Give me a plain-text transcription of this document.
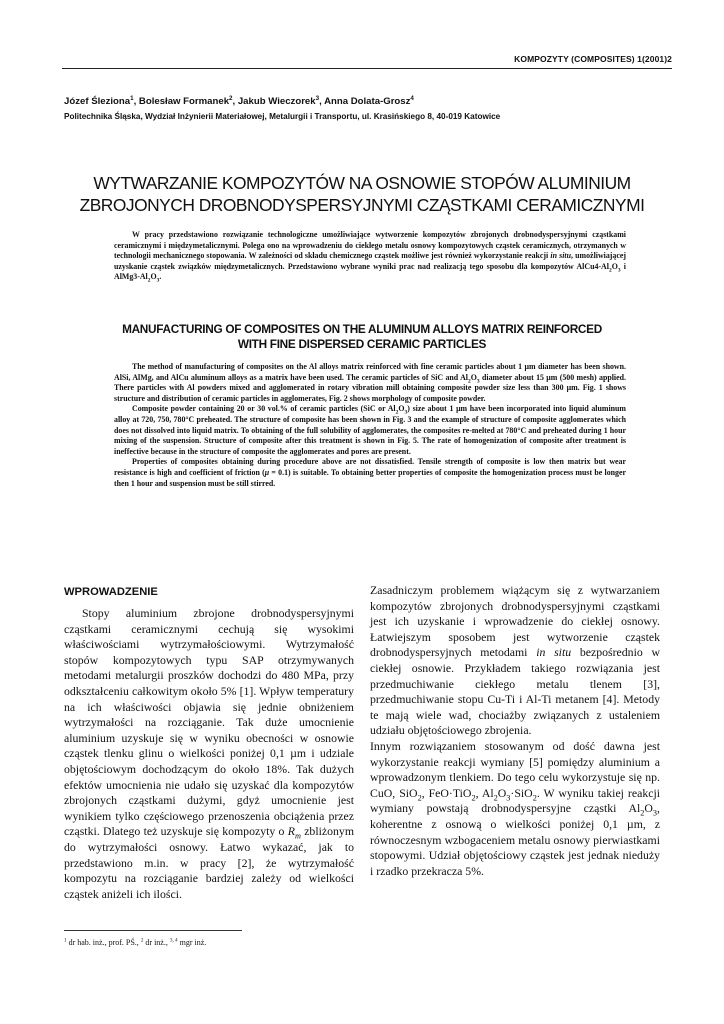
KOMPOZYTY (COMPOSITES) 1(2001)2
Józef Śleziona$^1$, Bolesław Formanek$^2$, Jakub Wieczorek$^3$, Anna Dolata-Grosz$^4$
Politechnika Śląska, Wydział Inżynierii Materiałowej, Metalurgii i Transportu, ul. Krasińskiego 8, 40-019 Katowice
WYTWARZANIE KOMPOZYTÓW NA OSNOWIE STOPÓW ALUMINIUM
ZBROJONYCH DROBNODYSPERSYJNYMI CZĄSTKAMI CERAMICZNYMI

W pracy przedstawiono rozwiązanie technologiczne umożliwiające wytworzenie kompozytów zbrojonych drobnodyspersyjnymi cząstkami ceramicznymi i międzymetalicznymi. Polega ono na wprowadzeniu do ciekłego metalu osnowy kompozytowych cząstek ceramicznych, otrzymanych w technologii mechanicznego stopowania. W zależności od składu chemicznego cząstek możliwe jest również wykorzystanie reakcji in situ, umożliwiającej uzyskanie cząstek związków międzymetalicznych. Przedstawiono wybrane wyniki prac nad realizacją tego sposobu dla kompozytów $AlCu4-Al_2O_3$ i $AlMg3-Al_2O_3$.

MANUFACTURING OF COMPOSITES ON THE ALUMINUM ALLOYS MATRIX REINFORCED
WITH FINE DISPERSED CERAMIC PARTICLES

The method of manufacturing of composites on the Al alloys matrix reinforced with fine ceramic particles about 1 μm diameter has been shown. AlSi, AlMg, and AlCu aluminum alloys as a matrix have been used. The ceramic particles of SiC and $Al_2O_3$ diameter about 15 μm (500 mesh) applied. There particles with Al powders mixed and agglomerated in rotary vibration mill obtaining composite powder size less than 300 μm. Fig. 1 shows structure and distribution of ceramic particles in agglomerates, Fig. 2 shows morphology of composite powder.

Composite powder containing 20 or 30 vol.% of ceramic particles (SiC or $Al_2O_3$) size about 1 μm have been incorporated into liquid aluminum alloy at 720, 750, 780°C preheated. The structure of composite has been shown in Fig. 3 and the example of structure of composite agglomerates which does not dissolved into liquid matrix. To obtaining of the full solubility of agglomerates, the composites re-melted at 780°C and preheated during 1 hour mixing of the suspension. Structure of composite after this treatment is shown in Fig. 5. The rate of homogenization of composite after treatment is ineffective because in the structure of composite the agglomerates and pores are present.

Properties of composites obtaining during procedure above are not dissatisfied. Tensile strength of composite is low then matrix but wear resistance is high and coefficient of friction (μ = 0.1) is suitable. To obtaining better properties of composite the homogenization process must be longer then 1 hour and suspension must be still stirred.

WPROWADZENIE

Stopy aluminium zbrojone drobnodyspersyjnymi cząstkami ceramicznymi cechują się wysokimi właściwościami wytrzymałościowymi. Wytrzymałość stopów kompozytowych typu SAP otrzymywanych metodami metalurgii proszków dochodzi do 480 MPa, przy odkształceniu całkowitym około 5% [1]. Wpływ temperatury na ich właściwości objawia się jednie obniżeniem wytrzymałości na rozciąganie. Tak duże umocnienie aluminium uzyskuje się w wyniku obecności w osnowie cząstek tlenku glinu o wielkości poniżej 0,1 µm i udziale objętościowym dochodzącym do około 18%. Tak dużych efektów umocnienia nie udało się uzyskać dla kompozytów zbrojonych cząstkami dużymi, gdyż umocnienie jest wynikiem tylko częściowego przenoszenia obciążenia przez cząstki. Dlatego też uzyskuje się kompozyty o $R_m$ zbliżonym do wytrzymałości osnowy. Łatwo wykazać, jak to przedstawiono m.in. w pracy [2], że wytrzymałość kompozytu na rozciąganie bardziej zależy od wielkości cząstek aniżeli ich ilości.

Zasadniczym problemem wiążącym się z wytwarzaniem kompozytów zbrojonych drobnodyspersyjnymi cząstkami jest ich uzyskanie i wprowadzenie do ciekłej osnowy. Łatwiejszym sposobem jest wytworzenie cząstek drobnodyspersyjnych metodami in situ bezpośrednio w ciekłej osnowie. Przykładem takiego rozwiązania jest przedmuchiwanie ciekłego metalu tlenem [3], przedmuchiwanie stopu Cu-Ti i Al-Ti metanem [4]. Metody te mają wiele wad, chociażby związanych z ustaleniem udziału objętościowego zbrojenia.

Innym rozwiązaniem stosowanym od dość dawna jest wykorzystanie reakcji wymiany [5] pomiędzy aluminium a wprowadzonym tlenkiem. Do tego celu wykorzystuje się np. CuO, SiO$_2$, FeO·TiO$_2$, $Al_2O_3\cdot SiO_2$. W wyniku takiej reakcji wymiany powstają drobnodyspersyjne cząstki $Al_2O_3$, koherentne z osnową o wielkości poniżej 0,1 µm, z równoczesnym wzbogaceniem metalu osnowy pierwiastkami stopowymi. Udział objętościowy cząstek jest jednak nieduży i rzadko przekracza 5%.

$^1$ dr hab. inż., prof. PŚ., $^2$ dr inż., $^{3, 4}$ mgr inż.
